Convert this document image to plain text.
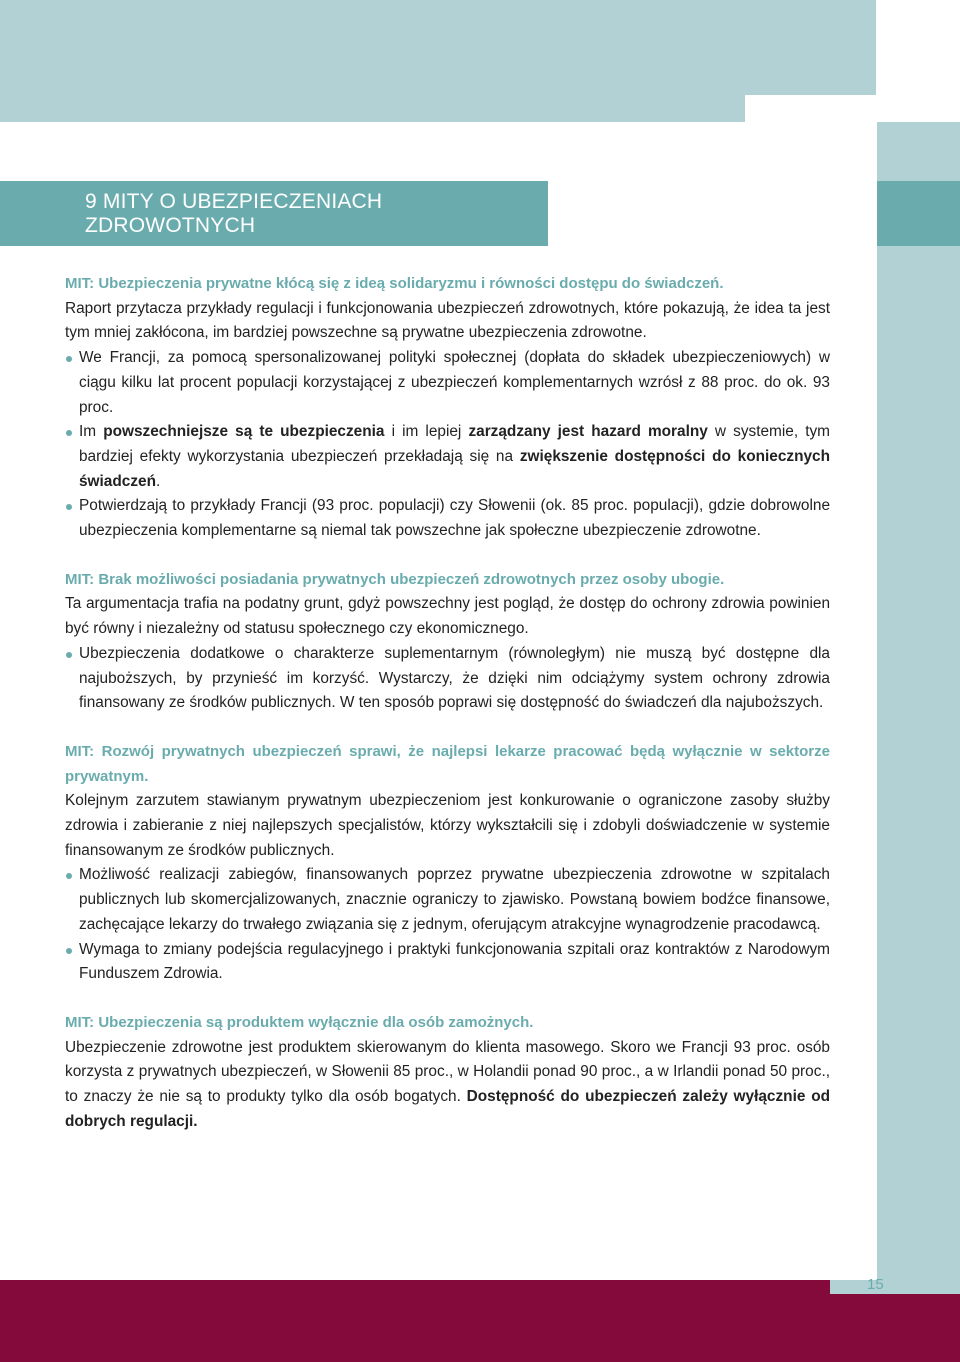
9 MITY O UBEZPIECZENIACH ZDROWOTNYCH

MIT: Ubezpieczenia prywatne kłócą się z ideą solidaryzmu i równości dostępu do świadczeń.

Raport przytacza przykłady regulacji i funkcjonowania ubezpieczeń zdrowotnych, które pokazują, że idea ta jest tym mniej zakłócona, im bardziej powszechne są prywatne ubezpieczenia zdrowotne.

We Francji, za pomocą spersonalizowanej polityki społecznej (dopłata do składek ubezpieczeniowych) w ciągu kilku lat procent populacji korzystającej z ubezpieczeń komplementarnych wzrósł z 88 proc. do ok. 93 proc.
Im powszechniejsze są te ubezpieczenia i im lepiej zarządzany jest hazard moralny w systemie, tym bardziej efekty wykorzystania ubezpieczeń przekładają się na zwiększenie dostępności do koniecznych świadczeń.
Potwierdzają to przykłady Francji (93 proc. populacji) czy Słowenii (ok. 85 proc. populacji), gdzie dobrowolne ubezpieczenia komplementarne są niemal tak powszechne jak społeczne ubezpieczenie zdrowotne.

MIT: Brak możliwości posiadania prywatnych ubezpieczeń zdrowotnych przez osoby ubogie.

Ta argumentacja trafia na podatny grunt, gdyż powszechny jest pogląd, że dostęp do ochrony zdrowia powinien być równy i niezależny od statusu społecznego czy ekonomicznego.

Ubezpieczenia dodatkowe o charakterze suplementarnym (równoległym) nie muszą być dostępne dla najuboższych, by przynieść im korzyść. Wystarczy, że dzięki nim odciążymy system ochrony zdrowia finansowany ze środków publicznych. W ten sposób poprawi się dostępność do świadczeń dla najuboższych.

MIT: Rozwój prywatnych ubezpieczeń sprawi, że najlepsi lekarze pracować będą wyłącznie w sektorze prywatnym.

Kolejnym zarzutem stawianym prywatnym ubezpieczeniom jest konkurowanie o ograniczone zasoby służby zdrowia i zabieranie z niej najlepszych specjalistów, którzy wykształcili się i zdobyli doświadczenie w systemie finansowanym ze środków publicznych.

Możliwość realizacji zabiegów, finansowanych poprzez prywatne ubezpieczenia zdrowotne w szpitalach publicznych lub skomercjalizowanych, znacznie ograniczy to zjawisko. Powstaną bowiem bodźce finansowe, zachęcające lekarzy do trwałego związania się z jednym, oferującym atrakcyjne wynagrodzenie pracodawcą.
Wymaga to zmiany podejścia regulacyjnego i praktyki funkcjonowania szpitali oraz kontraktów z Narodowym Funduszem Zdrowia.

MIT: Ubezpieczenia są produktem wyłącznie dla osób zamożnych.

Ubezpieczenie zdrowotne jest produktem skierowanym do klienta masowego. Skoro we Francji 93 proc. osób korzysta z prywatnych ubezpieczeń, w Słowenii 85 proc., w Holandii ponad 90 proc., a w Irlandii ponad 50 proc., to znaczy że nie są to produkty tylko dla osób bogatych. Dostępność do ubezpieczeń zależy wyłącznie od dobrych regulacji.

15
